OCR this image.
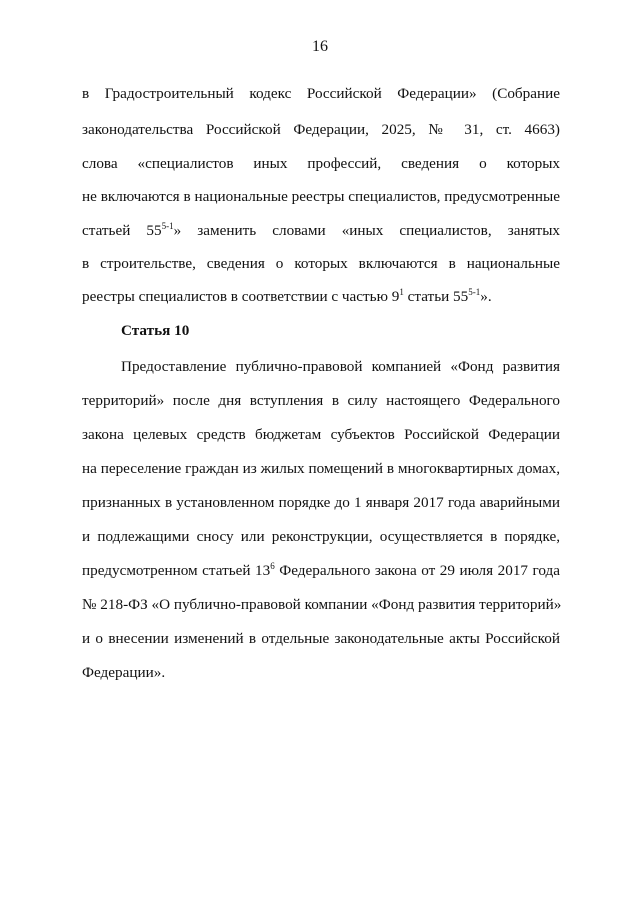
16
в Градостроительный кодекс Российской Федерации» (Собрание
законодательства Российской Федерации, 2025, № 31, ст. 4663)
слова «специалистов иных профессий, сведения о которых
не включаются в национальные реестры специалистов, предусмотренные
статьей 55$^{5-1}$» заменить словами «иных специалистов, занятых
в строительстве, сведения о которых включаются в национальные
реестры специалистов в соответствии с частью $9^1$ статьи 55$^{5-1}$».
Статья 10
Предоставление публично-правовой компанией «Фонд развития
территорий» после дня вступления в силу настоящего Федерального
закона целевых средств бюджетам субъектов Российской Федерации
на переселение граждан из жилых помещений в многоквартирных домах,
признанных в установленном порядке до 1 января 2017 года аварийными
и подлежащими сносу или реконструкции, осуществляется в порядке,
предусмотренном статьей $13^6$ Федерального закона от 29 июля 2017 года
№ 218-ФЗ «О публично-правовой компании «Фонд развития территорий»
и о внесении изменений в отдельные законодательные акты Российской
Федерации».
